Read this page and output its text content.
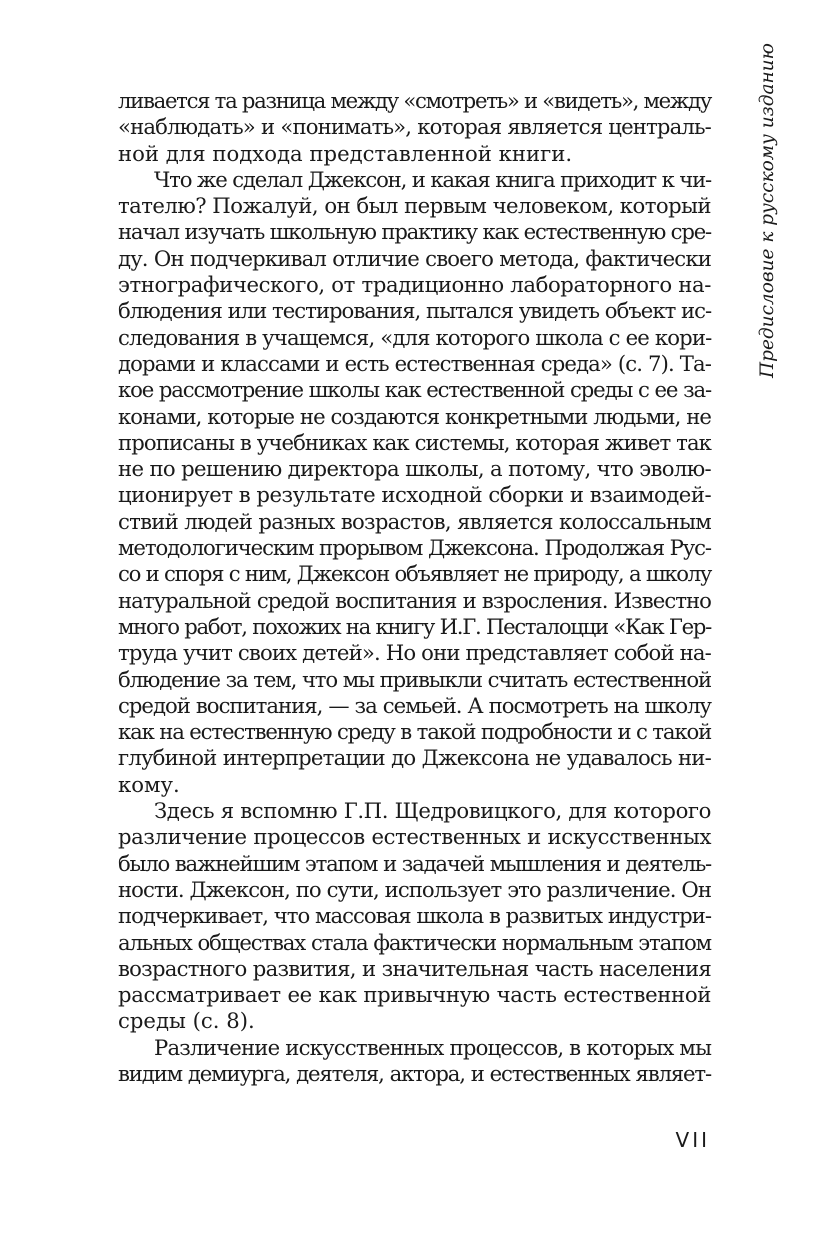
Предисловие к русскому изданию
ливается та разница между «смотреть» и «видеть», между
«наблюдать» и «понимать», которая является централь-
ной для подхода представленной книги.
Что же сделал Джексон, и какая книга приходит к чи-
тателю? Пожалуй, он был первым человеком, который
начал изучать школьную практику как естественную сре-
ду. Он подчеркивал отличие своего метода, фактически
этнографического, от традиционно лабораторного на-
блюдения или тестирования, пытался увидеть объект ис-
следования в учащемся, «для которого школа с ее кори-
дорами и классами и есть естественная среда» (с. 7). Та-
кое рассмотрение школы как естественной среды с ее за-
конами, которые не создаются конкретными людьми, не
прописаны в учебниках как системы, которая живет так
не по решению директора школы, а потому, что эволю-
ционирует в результате исходной сборки и взаимодей-
ствий людей разных возрастов, является колоссальным
методологическим прорывом Джексона. Продолжая Рус-
со и споря с ним, Джексон объявляет не природу, а школу
натуральной средой воспитания и взросления. Известно
много работ, похожих на книгу И.Г. Песталоцци «Как Гер-
труда учит своих детей». Но они представляет собой на-
блюдение за тем, что мы привыкли считать естественной
средой воспитания, — за семьей. А посмотреть на школу
как на естественную среду в такой подробности и с такой
глубиной интерпретации до Джексона не удавалось ни-
кому.
Здесь я вспомню Г.П. Щедровицкого, для которого
различение процессов естественных и искусственных
было важнейшим этапом и задачей мышления и деятель-
ности. Джексон, по сути, использует это различение. Он
подчеркивает, что массовая школа в развитых индустри-
альных обществах стала фактически нормальным этапом
возрастного развития, и значительная часть населения
рассматривает ее как привычную часть естественной
среды (с. 8).
Различение искусственных процессов, в которых мы
видим демиурга, деятеля, актора, и естественных являет-
VII
